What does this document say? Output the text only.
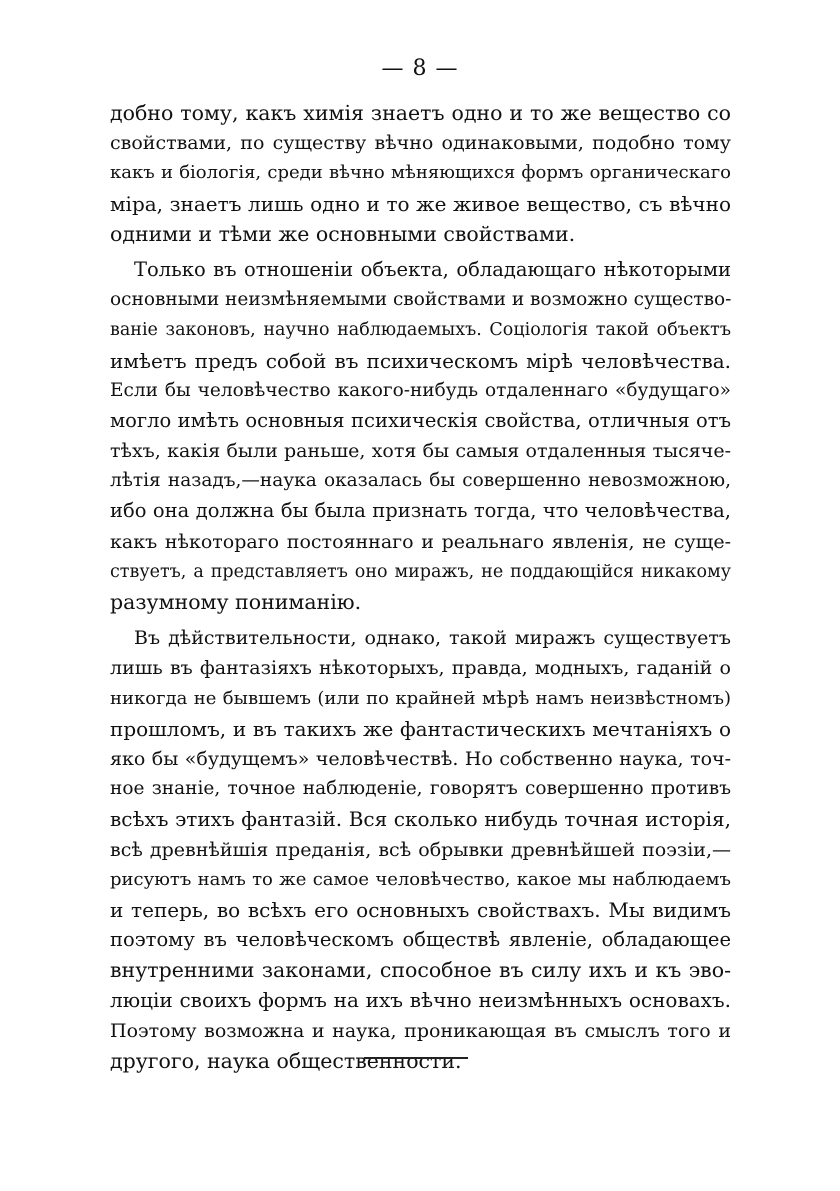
— 8 —
добно тому, какъ химія знаетъ одно и то же вещество со
свойствами, по существу вѣчно одинаковыми, подобно тому
какъ и біологія, среди вѣчно мѣняющихся формъ органическаго
міра, знаетъ лишь одно и то же живое вещество, съ вѣчно
одними и тѣми же основными свойствами.
Только въ отношеніи объекта, обладающаго нѣкоторыми
основными неизмѣняемыми свойствами и возможно существо-
ваніе законовъ, научно наблюдаемыхъ. Соціологія такой объектъ
имѣетъ предъ собой въ психическомъ мірѣ человѣчества.
Если бы человѣчество какого-нибудь отдаленнаго «будущаго»
могло имѣть основныя психическія свойства, отличныя отъ
тѣхъ, какія были раньше, хотя бы самыя отдаленныя тысяче-
лѣтія назадъ,—наука оказалась бы совершенно невозможною,
ибо она должна бы была признать тогда, что человѣчества,
какъ нѣкотораго постояннаго и реальнаго явленія, не суще-
ствуетъ, а представляетъ оно миражъ, не поддающійся никакому
разумному пониманію.
Въ дѣйствительности, однако, такой миражъ существуетъ
лишь въ фантазіяхъ нѣкоторыхъ, правда, модныхъ, гаданій о
никогда не бывшемъ (или по крайней мѣрѣ намъ неизвѣстномъ)
прошломъ, и въ такихъ же фантастическихъ мечтаніяхъ о
яко бы «будущемъ» человѣчествѣ. Но собственно наука, точ-
ное знаніе, точное наблюденіе, говорятъ совершенно противъ
всѣхъ этихъ фантазій. Вся сколько нибудь точная исторія,
всѣ древнѣйшія преданія, всѣ обрывки древнѣйшей поэзіи,—
рисуютъ намъ то же самое человѣчество, какое мы наблюдаемъ
и теперь, во всѣхъ его основныхъ свойствахъ. Мы видимъ
поэтому въ человѣческомъ обществѣ явленіе, обладающее
внутренними законами, способное въ силу ихъ и къ эво-
люціи своихъ формъ на ихъ вѣчно неизмѣнныхъ основахъ.
Поэтому возможна и наука, проникающая въ смыслъ того и
другого, наука общественности.
